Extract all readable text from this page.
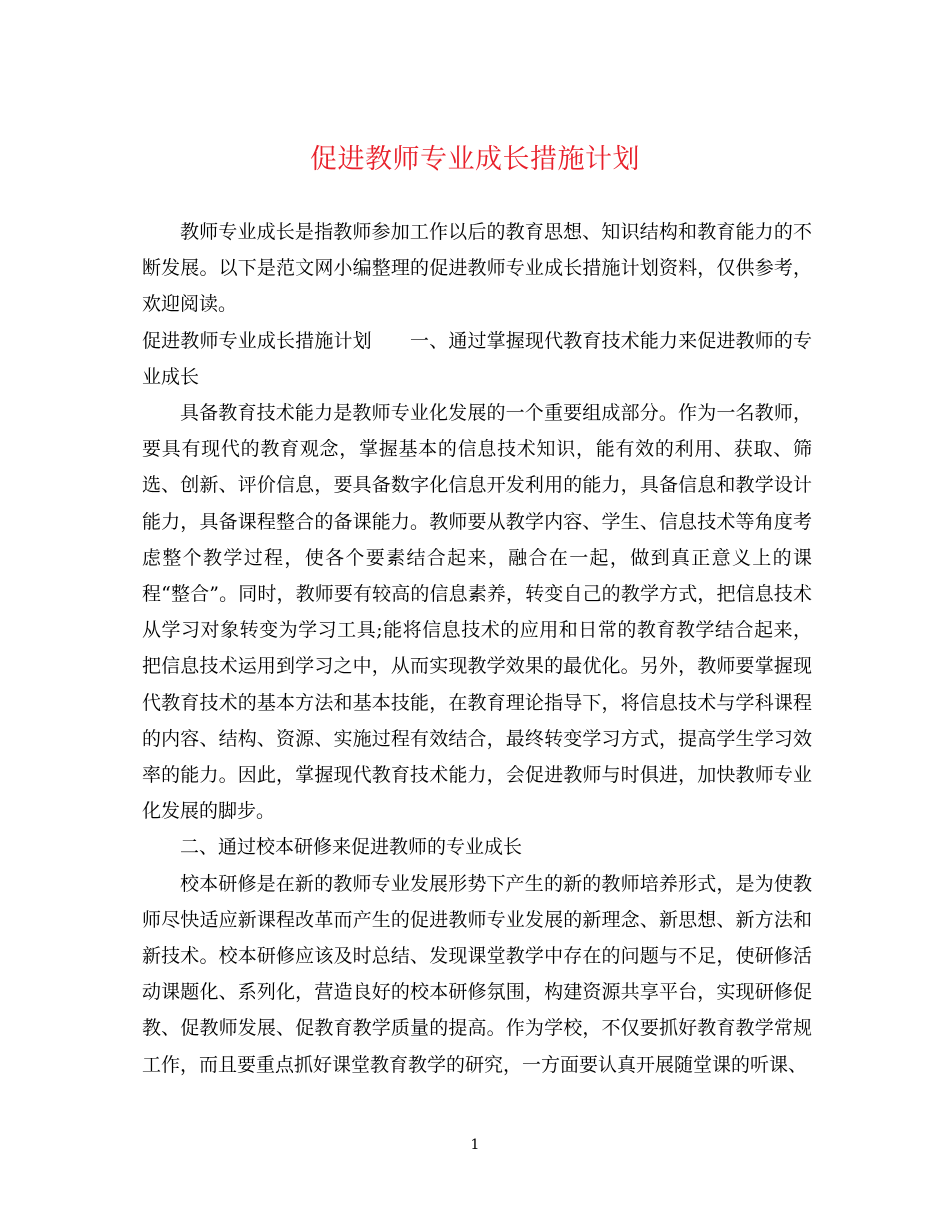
促进教师专业成长措施计划

教师专业成长是指教师参加工作以后的教育思想、知识结构和教育能力的不断发展。以下是范文网小编整理的促进教师专业成长措施计划资料，仅供参考，欢迎阅读。

促进教师专业成长措施计划　　一、通过掌握现代教育技术能力来促进教师的专业成长

具备教育技术能力是教师专业化发展的一个重要组成部分。作为一名教师，要具有现代的教育观念，掌握基本的信息技术知识，能有效的利用、获取、筛选、创新、评价信息，要具备数字化信息开发利用的能力，具备信息和教学设计能力，具备课程整合的备课能力。教师要从教学内容、学生、信息技术等角度考虑整个教学过程，使各个要素结合起来，融合在一起，做到真正意义上的课程“整合”。同时，教师要有较高的信息素养，转变自己的教学方式，把信息技术从学习对象转变为学习工具;能将信息技术的应用和日常的教育教学结合起来，把信息技术运用到学习之中，从而实现教学效果的最优化。另外，教师要掌握现代教育技术的基本方法和基本技能，在教育理论指导下，将信息技术与学科课程的内容、结构、资源、实施过程有效结合，最终转变学习方式，提高学生学习效率的能力。因此，掌握现代教育技术能力，会促进教师与时俱进，加快教师专业化发展的脚步。

二、通过校本研修来促进教师的专业成长

校本研修是在新的教师专业发展形势下产生的新的教师培养形式，是为使教师尽快适应新课程改革而产生的促进教师专业发展的新理念、新思想、新方法和新技术。校本研修应该及时总结、发现课堂教学中存在的问题与不足，使研修活动课题化、系列化，营造良好的校本研修氛围，构建资源共享平台，实现研修促教、促教师发展、促教育教学质量的提高。作为学校，不仅要抓好教育教学常规工作，而且要重点抓好课堂教育教学的研究，一方面要认真开展随堂课的听课、

1
